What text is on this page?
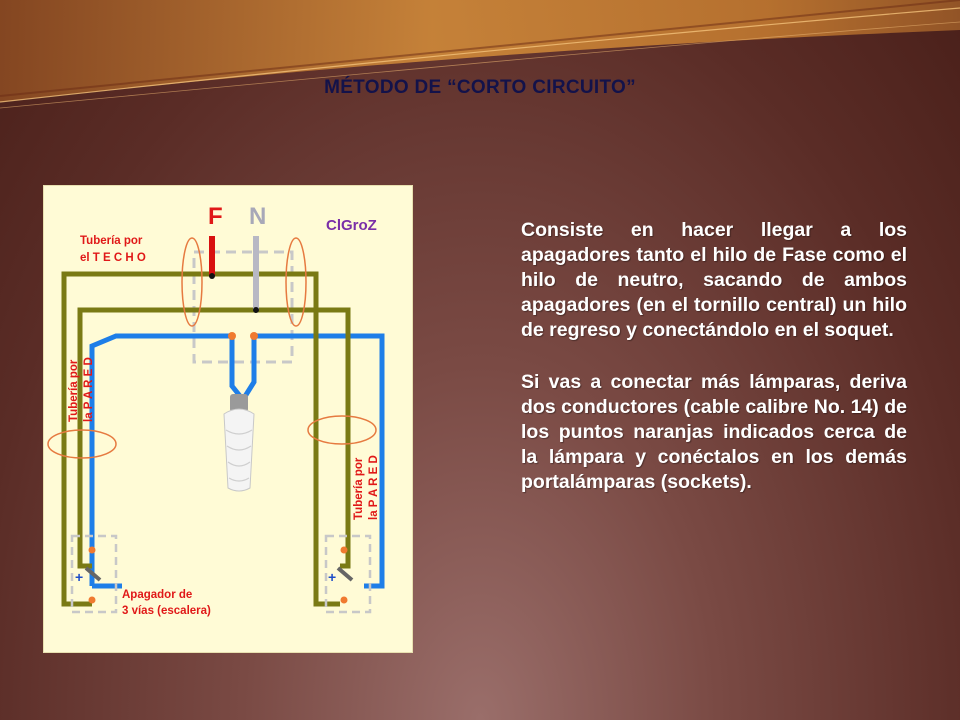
MÉTODO DE “CORTO CIRCUITO”
F N	ClGroZ
Tubería por
el T E C H O
Tubería por la P A R E D
Tubería por la P A R E D
Apagador de
3 vías (escalera)
+	+

Consiste en hacer llegar a los apagadores tanto el hilo de Fase como el hilo de neutro, sacando de ambos apagadores (en el tornillo central) un hilo de regreso y conectándolo en el soquet.

Si vas a conectar más lámparas, deriva dos conductores (cable calibre No. 14) de los puntos naranjas indicados cerca de la lámpara y conéctalos en los demás portalámparas (sockets).
